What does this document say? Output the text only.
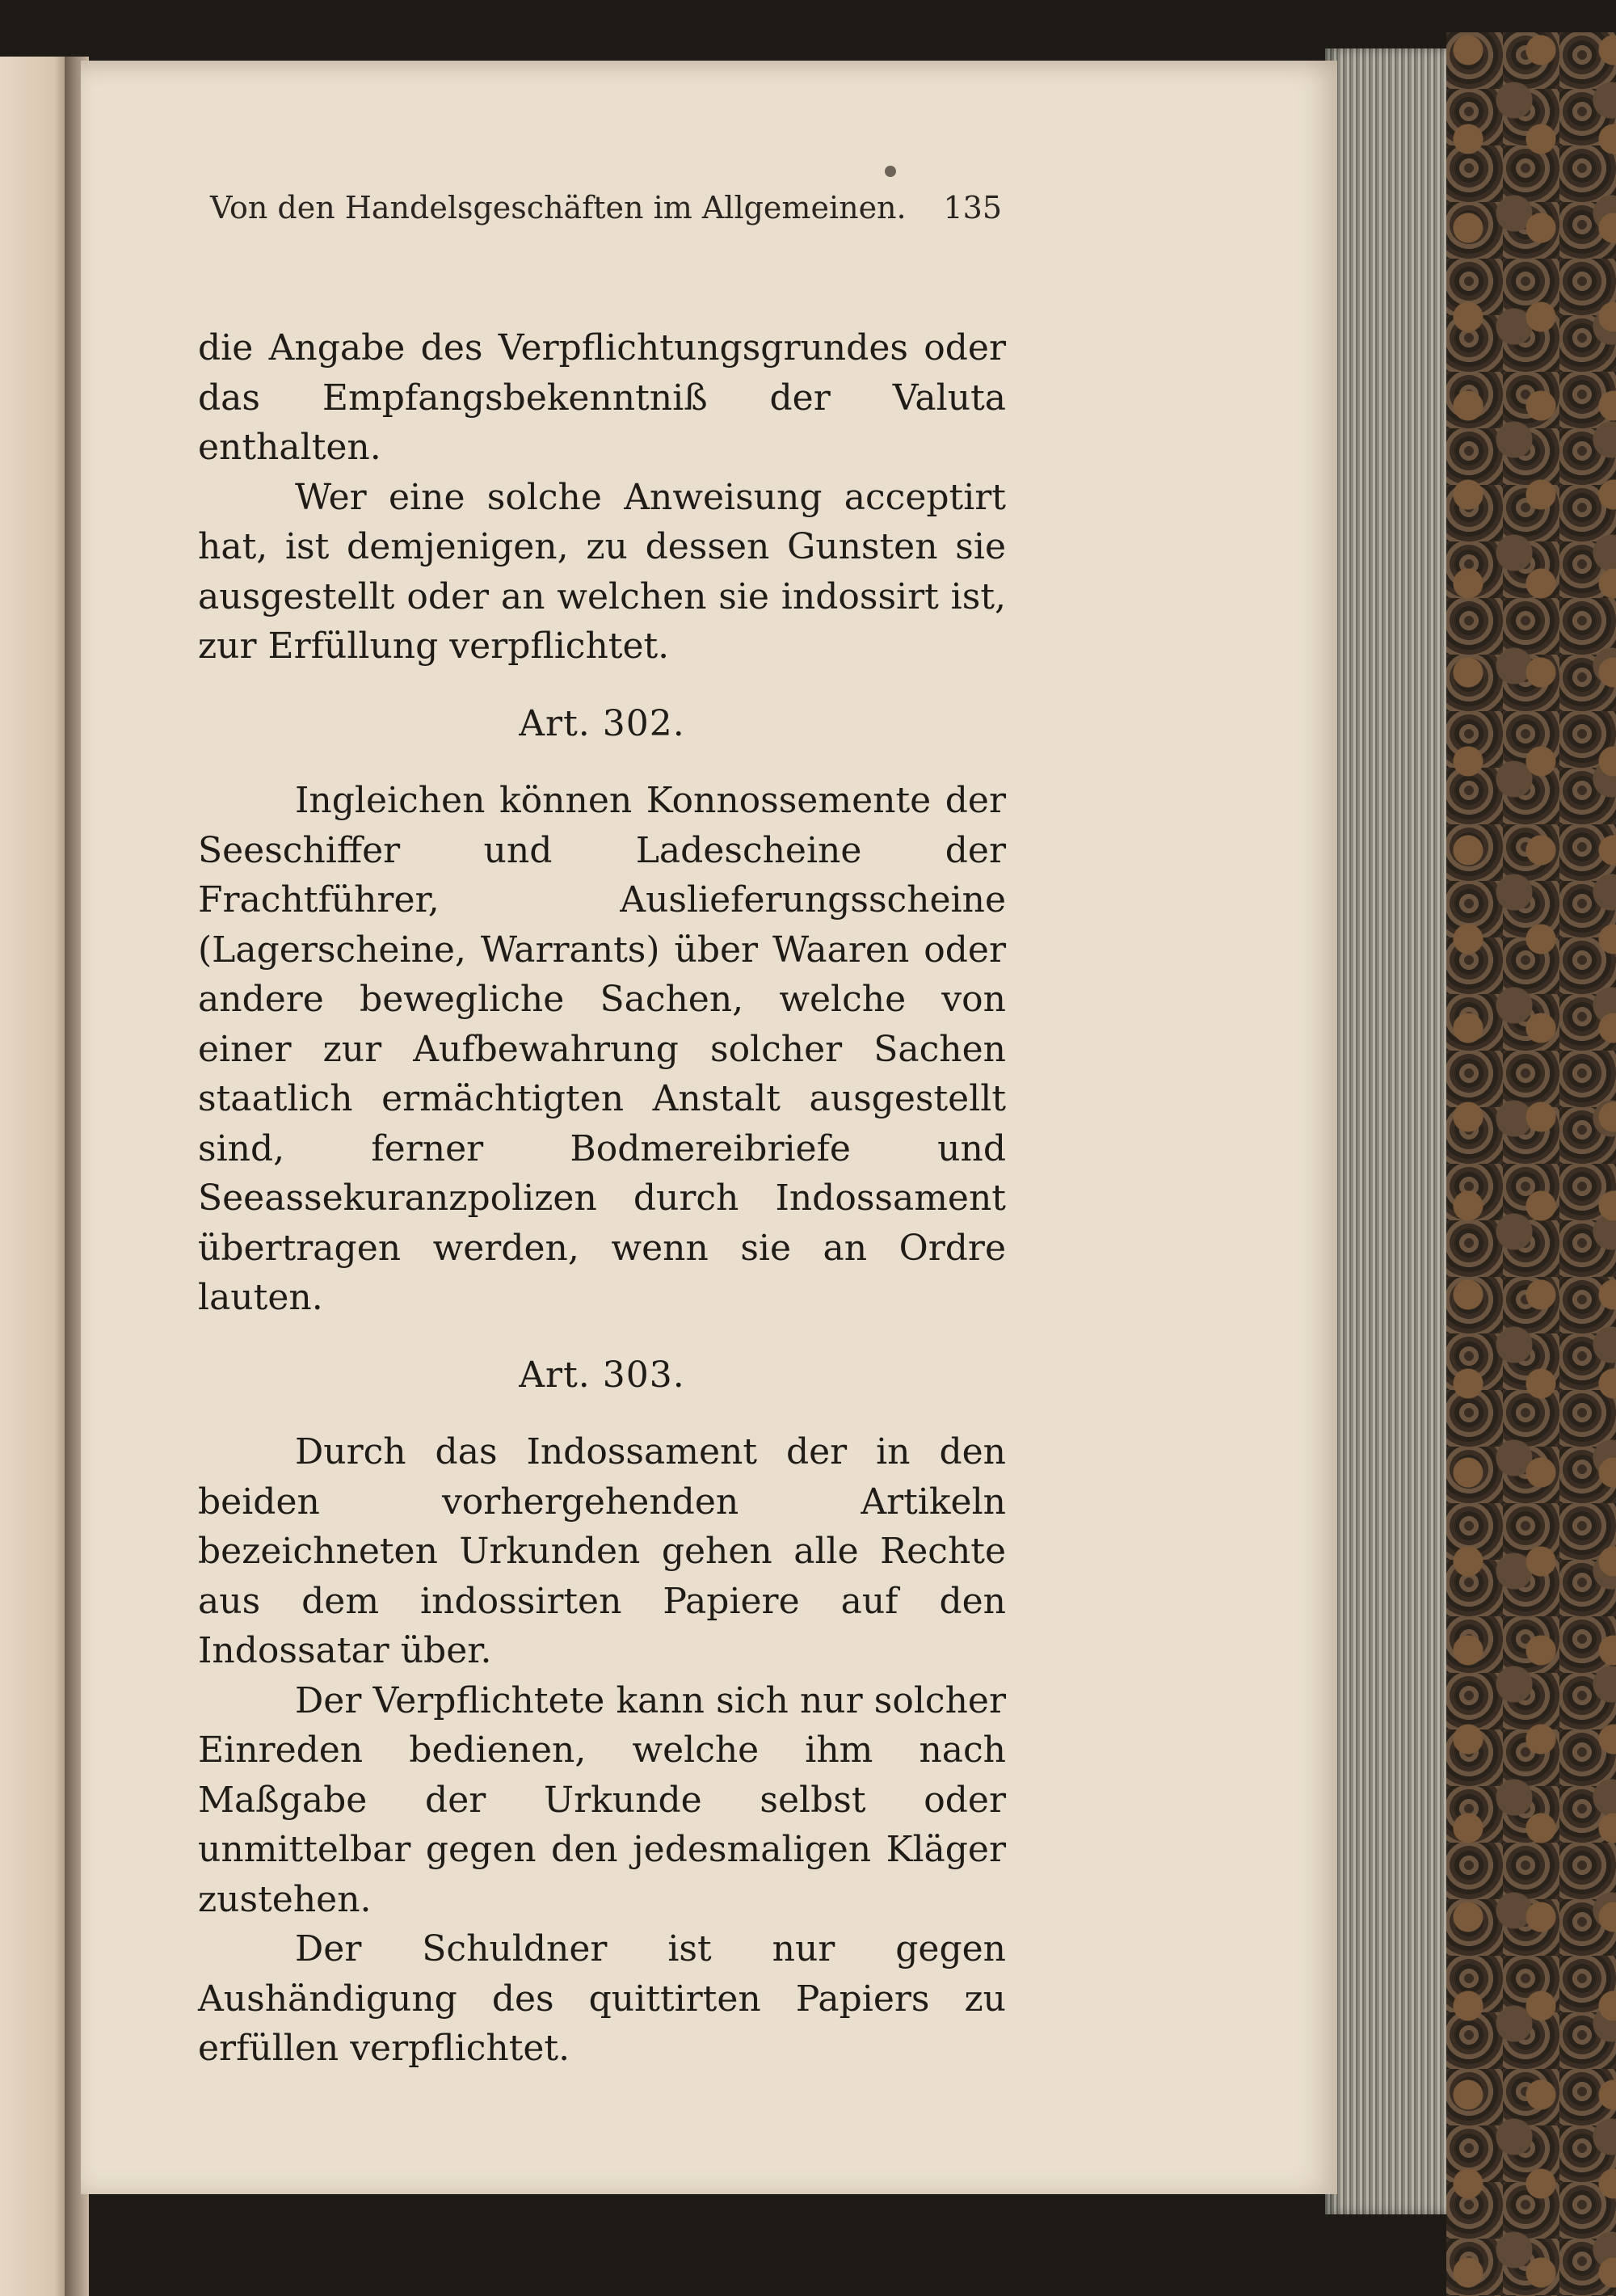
Von den Handelsgeschäften im Allgemeinen. 135

die Angabe des Verpflichtungsgrundes oder das Empfangsbekenntniß der Valuta enthalten.

Wer eine solche Anweisung acceptirt hat, ist demjenigen, zu dessen Gunsten sie ausgestellt oder an welchen sie indossirt ist, zur Erfüllung verpflichtet.

Art. 302.

Ingleichen können Konnossemente der Seeschiffer und Ladescheine der Frachtführer, Auslieferungsscheine (Lagerscheine, Warrants) über Waaren oder andere bewegliche Sachen, welche von einer zur Aufbewahrung solcher Sachen staatlich ermächtigten Anstalt ausgestellt sind, ferner Bodmereibriefe und Seeassekuranzpolizen durch Indossament übertragen werden, wenn sie an Ordre lauten.

Art. 303.

Durch das Indossament der in den beiden vorhergehenden Artikeln bezeichneten Urkunden gehen alle Rechte aus dem indossirten Papiere auf den Indossatar über.

Der Verpflichtete kann sich nur solcher Einreden bedienen, welche ihm nach Maßgabe der Urkunde selbst oder unmittelbar gegen den jedesmaligen Kläger zustehen.

Der Schuldner ist nur gegen Aushändigung des quittirten Papiers zu erfüllen verpflichtet.
